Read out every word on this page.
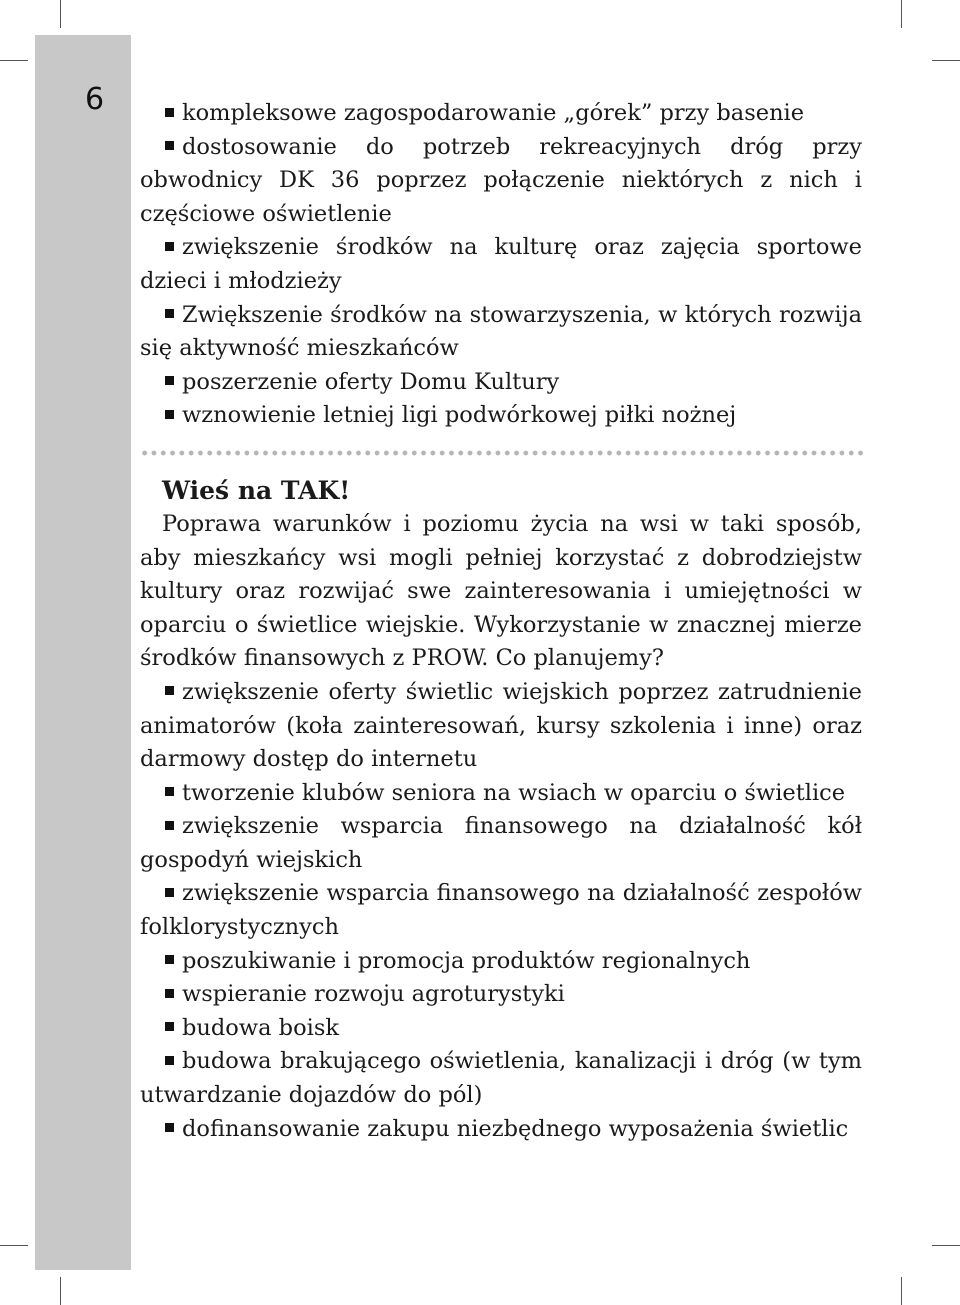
6	kompleksowe zagospodarowanie „górek” przy basenie

dostosowanie do potrzeb rekreacyjnych dróg przy obwodnicy DK 36 poprzez połączenie niektórych z nich i częściowe oświetlenie

zwiększenie środków na kulturę oraz zajęcia sportowe dzieci i młodzieży

Zwiększenie środków na stowarzyszenia, w których rozwija się aktywność mieszkańców

poszerzenie oferty Domu Kultury

wznowienie letniej ligi podwórkowej piłki nożnej

Wieś na TAK!

Poprawa warunków i poziomu życia na wsi w taki sposób, aby mieszkańcy wsi mogli pełniej korzystać z dobrodziejstw kultury oraz rozwijać swe zainteresowania i umiejętności w oparciu o świetlice wiejskie. Wykorzystanie w znacznej mierze środków finansowych z PROW. Co planujemy?

zwiększenie oferty świetlic wiejskich poprzez zatrudnienie animatorów (koła zainteresowań, kursy szkolenia i inne) oraz darmowy dostęp do internetu

tworzenie klubów seniora na wsiach w oparciu o świetlice

zwiększenie wsparcia finansowego na działalność kół gospodyń wiejskich

zwiększenie wsparcia finansowego na działalność zespołów folklorystycznych

poszukiwanie i promocja produktów regionalnych

wspieranie rozwoju agroturystyki

budowa boisk

budowa brakującego oświetlenia, kanalizacji i dróg (w tym utwardzanie dojazdów do pól)

dofinansowanie zakupu niezbędnego wyposażenia świetlic
